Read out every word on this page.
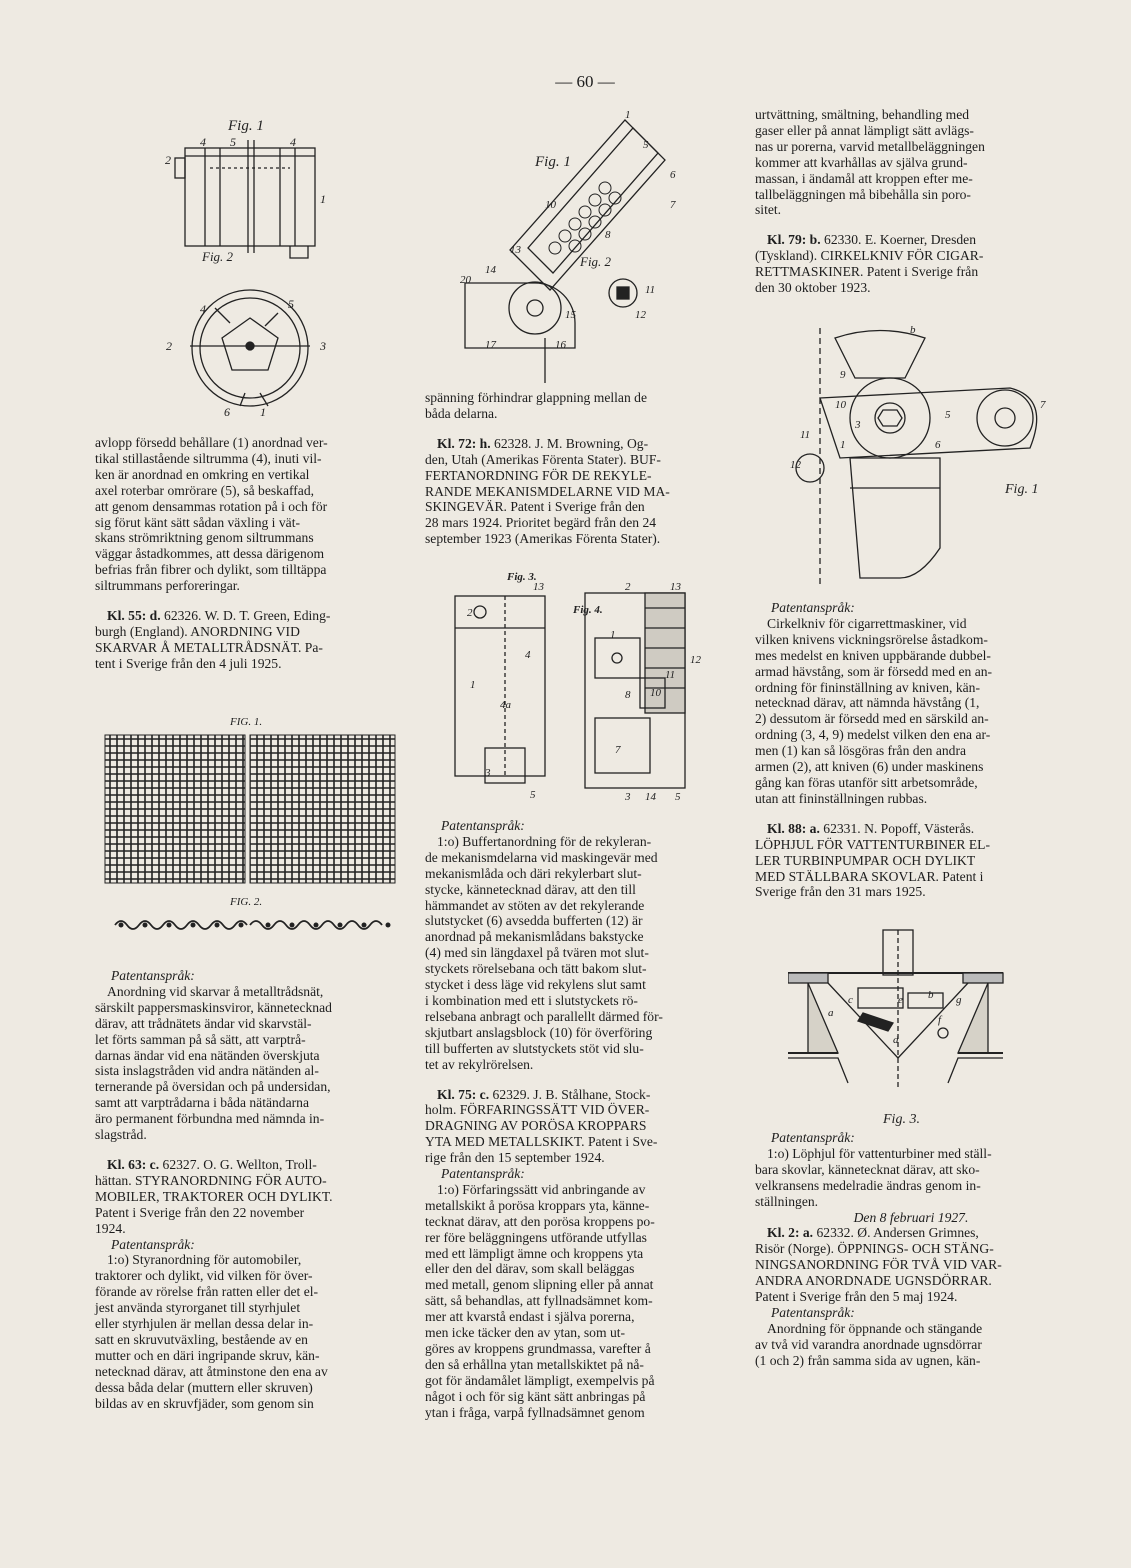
— 60 —
Fig. 1
Fig. 2
4 5	4
2
1
4	5
3
2
6	1
Fig. 1
Fig. 2
1
5
6
7
10
8
13
14
20
11
12
16
17
15
FIG. 1.
FIG. 2.
Fig. 3.
Fig. 4.
2
13
1
4
4a
3
5
2	13
12
1
8
11
10
7
3 14 5
9
10
11
12
1
3
6
5
7
b
Fig. 1
c	e b g
f
a
d
Fig. 3.

avlopp försedd behållare (1) anordnad ver-

tikal stillastående siltrumma (4), inuti vil-

ken är anordnad en omkring en vertikal

axel roterbar omrörare (5), så beskaffad,

att genom densammas rotation på i och för

sig förut känt sätt sådan växling i vät-

skans strömriktning genom siltrummans

väggar åstadkommes, att dessa därigenom

befrias från fibrer och dylikt, som tilltäppa

siltrummans perforeringar.

Kl. 55: d. 62326. W. D. T. Green, Eding-

burgh (England). ANORDNING VID

SKARVAR Å METALLTRÅDSNÄT. Pa-

tent i Sverige från den 4 juli 1925.

Patentanspråk:

Anordning vid skarvar å metalltrådsnät,

särskilt pappersmaskinsviror, kännetecknad

därav, att trådnätets ändar vid skarvstäl-

let förts samman på så sätt, att varptrå-

darnas ändar vid ena nätänden överskjuta

sista inslagstråden vid andra nätänden al-

ternerande på översidan och på undersidan,

samt att varptrådarna i båda nätändarna

äro permanent förbundna med nämnda in-

slagstråd.

Kl. 63: c. 62327. O. G. Wellton, Troll-

hättan. STYRANORDNING FÖR AUTO-

MOBILER, TRAKTORER OCH DYLIKT.

Patent i Sverige från den 22 november

1924.

Patentanspråk:

1:o) Styranordning för automobiler,

traktorer och dylikt, vid vilken för över-

förande av rörelse från ratten eller det el-

jest använda styrorganet till styrhjulet

eller styrhjulen är mellan dessa delar in-

satt en skruvutväxling, bestående av en

mutter och en däri ingripande skruv, kän-

netecknad därav, att åtminstone den ena av

dessa båda delar (muttern eller skruven)

bildas av en skruvfjäder, som genom sin

spänning förhindrar glappning mellan de

båda delarna.

Kl. 72: h. 62328. J. M. Browning, Og-

den, Utah (Amerikas Förenta Stater). BUF-

FERTANORDNING FÖR DE REKYLE-

RANDE MEKANISMDELARNE VID MA-

SKINGEVÄR. Patent i Sverige från den

28 mars 1924. Prioritet begärd från den 24

september 1923 (Amerikas Förenta Stater).

Patentanspråk:

1:o) Buffertanordning för de rekyleran-

de mekanismdelarna vid maskingevär med

mekanismlåda och däri rekylerbart slut-

stycke, kännetecknad därav, att den till

hämmandet av stöten av det rekylerande

slutstycket (6) avsedda bufferten (12) är

anordnad på mekanismlådans bakstycke

(4) med sin längdaxel på tvären mot slut-

styckets rörelsebana och tätt bakom slut-

stycket i dess läge vid rekylens slut samt

i kombination med ett i slutstyckets rö-

relsebana anbragt och parallellt därmed för-

skjutbart anslagsblock (10) för överföring

till bufferten av slutstyckets stöt vid slu-

tet av rekylrörelsen.

Kl. 75: c. 62329. J. B. Stålhane, Stock-

holm. FÖRFARINGSSÄTT VID ÖVER-

DRAGNING AV PORÖSA KROPPARS

YTA MED METALLSKIKT. Patent i Sve-

rige från den 15 september 1924.

Patentanspråk:

1:o) Förfaringssätt vid anbringande av

metallskikt å porösa kroppars yta, känne-

tecknat därav, att den porösa kroppens po-

rer före beläggningens utförande utfyllas

med ett lämpligt ämne och kroppens yta

eller den del därav, som skall beläggas

med metall, genom slipning eller på annat

sätt, så behandlas, att fyllnadsämnet kom-

mer att kvarstå endast i själva porerna,

men icke täcker den av ytan, som ut-

göres av kroppens grundmassa, varefter å

den så erhållna ytan metallskiktet på nå-

got för ändamålet lämpligt, exempelvis på

något i och för sig känt sätt anbringas på

ytan i fråga, varpå fyllnadsämnet genom

urtvättning, smältning, behandling med

gaser eller på annat lämpligt sätt avlägs-

nas ur porerna, varvid metallbeläggningen

kommer att kvarhållas av själva grund-

massan, i ändamål att kroppen efter me-

tallbeläggningen må bibehålla sin poro-

sitet.

Kl. 79: b. 62330. E. Koerner, Dresden

(Tyskland). CIRKELKNIV FÖR CIGAR-

RETTMASKINER. Patent i Sverige från

den 30 oktober 1923.

Patentanspråk:

Cirkelkniv för cigarrettmaskiner, vid

vilken knivens vickningsrörelse åstadkom-

mes medelst en kniven uppbärande dubbel-

armad hävstång, som är försedd med en an-

ordning för fininställning av kniven, kän-

netecknad därav, att nämnda hävstång (1,

2) dessutom är försedd med en särskild an-

ordning (3, 4, 9) medelst vilken den ena ar-

men (1) kan så lösgöras från den andra

armen (2), att kniven (6) under maskinens

gång kan föras utanför sitt arbetsområde,

utan att fininställningen rubbas.

Kl. 88: a. 62331. N. Popoff, Västerås.

LÖPHJUL FÖR VATTENTURBINER EL-

LER TURBINPUMPAR OCH DYLIKT

MED STÄLLBARA SKOVLAR. Patent i

Sverige från den 31 mars 1925.

Patentanspråk:

1:o) Löphjul för vattenturbiner med ställ-

bara skovlar, kännetecknat därav, att sko-

velkransens medelradie ändras genom in-

ställningen.

Den 8 februari 1927.

Kl. 2: a. 62332. Ø. Andersen Grimnes,

Risör (Norge). ÖPPNINGS- OCH STÄNG-

NINGSANORDNING FÖR TVÅ VID VAR-

ANDRA ANORDNADE UGNSDÖRRAR.

Patent i Sverige från den 5 maj 1924.

Patentanspråk:

Anordning för öppnande och stängande

av två vid varandra anordnade ugnsdörrar

(1 och 2) från samma sida av ugnen, kän-
